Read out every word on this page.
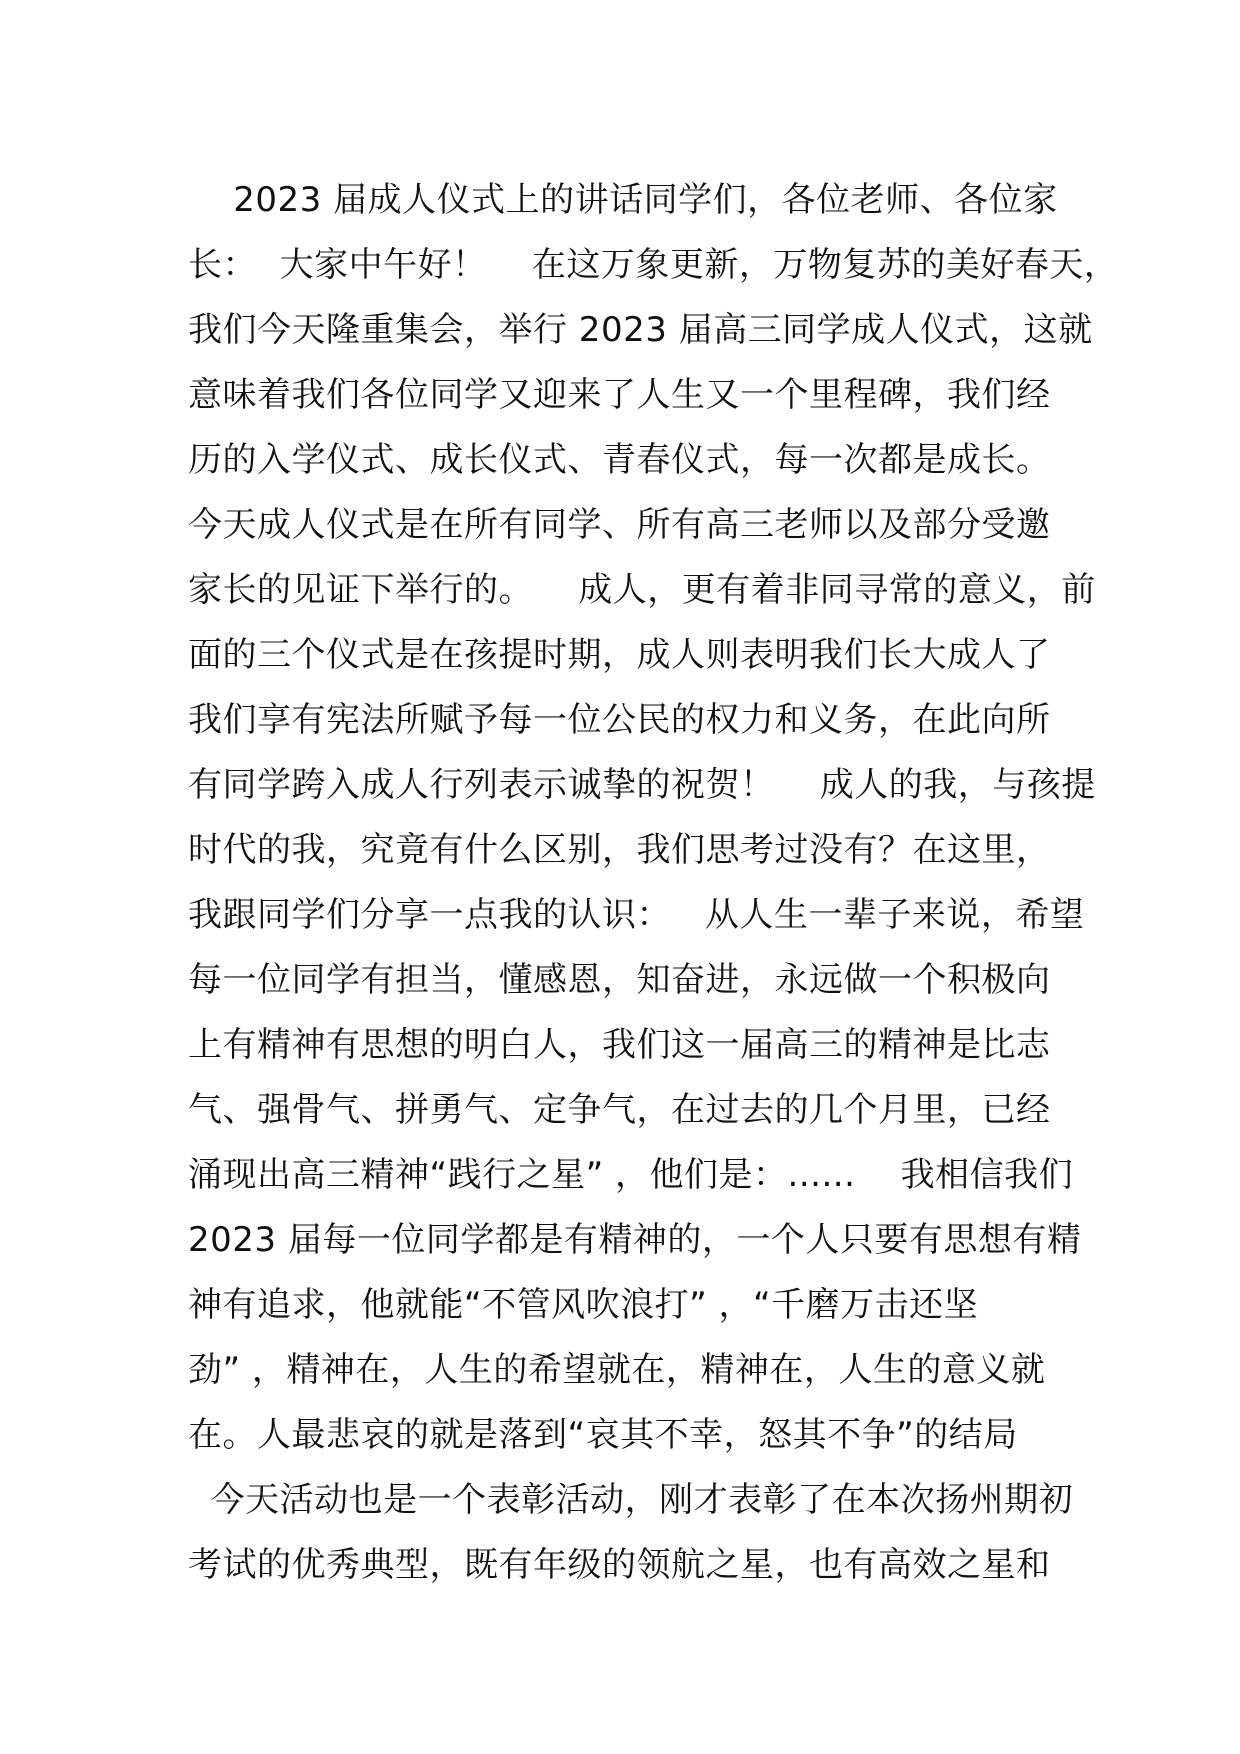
2023 届成人仪式上的讲话同学们，各位老师、各位家
长：  大家中午好！    在这万象更新，万物复苏的美好春天，
我们今天隆重集会，举行 2023 届高三同学成人仪式，这就
意味着我们各位同学又迎来了人生又一个里程碑，我们经
历的入学仪式、成长仪式、青春仪式，每一次都是成长。
今天成人仪式是在所有同学、所有高三老师以及部分受邀
家长的见证下举行的。    成人，更有着非同寻常的意义，前
面的三个仪式是在孩提时期，成人则表明我们长大成人了
我们享有宪法所赋予每一位公民的权力和义务，在此向所
有同学跨入成人行列表示诚挚的祝贺！    成人的我，与孩提
时代的我，究竟有什么区别，我们思考过没有？在这里，
我跟同学们分享一点我的认识：   从人生一辈子来说，希望
每一位同学有担当，懂感恩，知奋进，永远做一个积极向
上有精神有思想的明白人，我们这一届高三的精神是比志
气、强骨气、拼勇气、定争气，在过去的几个月里，已经
涌现出高三精神“践行之星” ，他们是：......    我相信我们
2023 届每一位同学都是有精神的，一个人只要有思想有精
神有追求，他就能“不管风吹浪打” ，“千磨万击还坚
劲” ，精神在，人生的希望就在，精神在，人生的意义就
在。人最悲哀的就是落到“哀其不幸，怒其不争”的结局
今天活动也是一个表彰活动，刚才表彰了在本次扬州期初
考试的优秀典型，既有年级的领航之星，也有高效之星和
